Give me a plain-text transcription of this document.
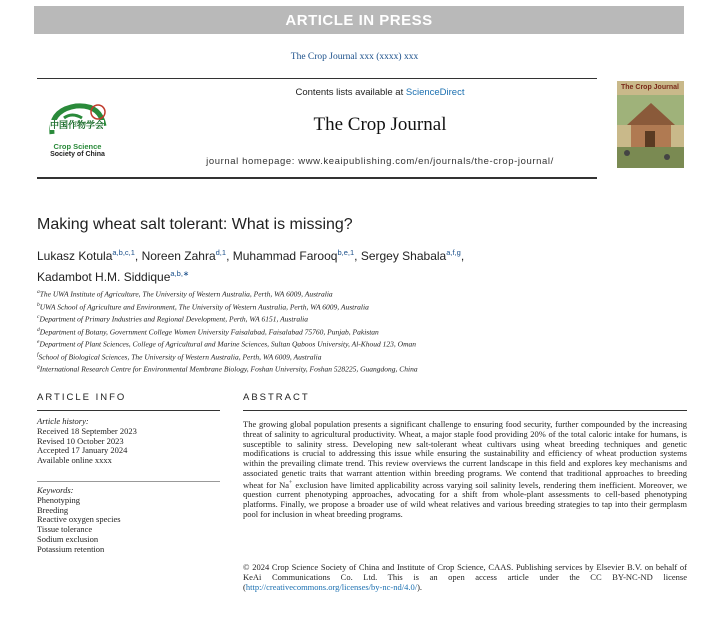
ARTICLE IN PRESS
The Crop Journal xxx (xxxx) xxx
中国作物学会
Crop Science
Society of China
Contents lists available at ScienceDirect
The Crop Journal
journal homepage: www.keaipublishing.com/en/journals/the-crop-journal/
The Crop Journal
Making wheat salt tolerant: What is missing?
Lukasz Kotula$^{a,b,c,1}$, Noreen Zahra$^{d,1}$, Muhammad Farooq$^{b,e,1}$, Sergey Shabala$^{a,f,g}$,
Kadambot H.M. Siddique$^{a,b,∗}$
$^a$The UWA Institute of Agriculture, The University of Western Australia, Perth, WA 6009, Australia
$^b$UWA School of Agriculture and Environment, The University of Western Australia, Perth, WA 6009, Australia
$^c$Department of Primary Industries and Regional Development, Perth, WA 6151, Australia
$^d$Department of Botany, Government College Women University Faisalabad, Faisalabad 75760, Punjab, Pakistan
$^e$Department of Plant Sciences, College of Agricultural and Marine Sciences, Sultan Qaboos University, Al-Khoud 123, Oman
$^f$School of Biological Sciences, The University of Western Australia, Perth, WA 6009, Australia
$^g$International Research Centre for Environmental Membrane Biology, Foshan University, Foshan 528225, Guangdong, China
ARTICLE INFO
Article history:
Received 18 September 2023
Revised 10 October 2023
Accepted 17 January 2024
Available online xxxx
Keywords:
Phenotyping
Breeding
Reactive oxygen species
Tissue tolerance
Sodium exclusion
Potassium retention
ABSTRACT

The growing global population presents a significant challenge to ensuring food security, further compounded by the increasing threat of salinity to agricultural productivity. Wheat, a major staple food providing 20% of the total caloric intake for humans, is susceptible to salinity stress. Developing new salt-tolerant wheat cultivars using wheat breeding techniques and genetic modifications is crucial to addressing this issue while ensuring the sustainability and efficiency of wheat production systems within the prevailing climate trend. This review overviews the current landscape in this field and explores key mechanisms and associated genetic traits that warrant attention within breeding programs. We contend that traditional approaches to breeding wheat for Na+ exclusion have limited applicability across varying soil salinity levels, rendering them inefficient. Moreover, we question current phenotyping approaches, advocating for a shift from whole-plant assessments to cell-based phenotyping platforms. Finally, we propose a broader use of wild wheat relatives and various breeding strategies to tap into their germplasm pool for inclusion in wheat breeding programs.

© 2024 Crop Science Society of China and Institute of Crop Science, CAAS. Publishing services by Elsevier B.V. on behalf of KeAi Communications Co. Ltd. This is an open access article under the CC BY-NC-ND license (http://creativecommons.org/licenses/by-nc-nd/4.0/).
